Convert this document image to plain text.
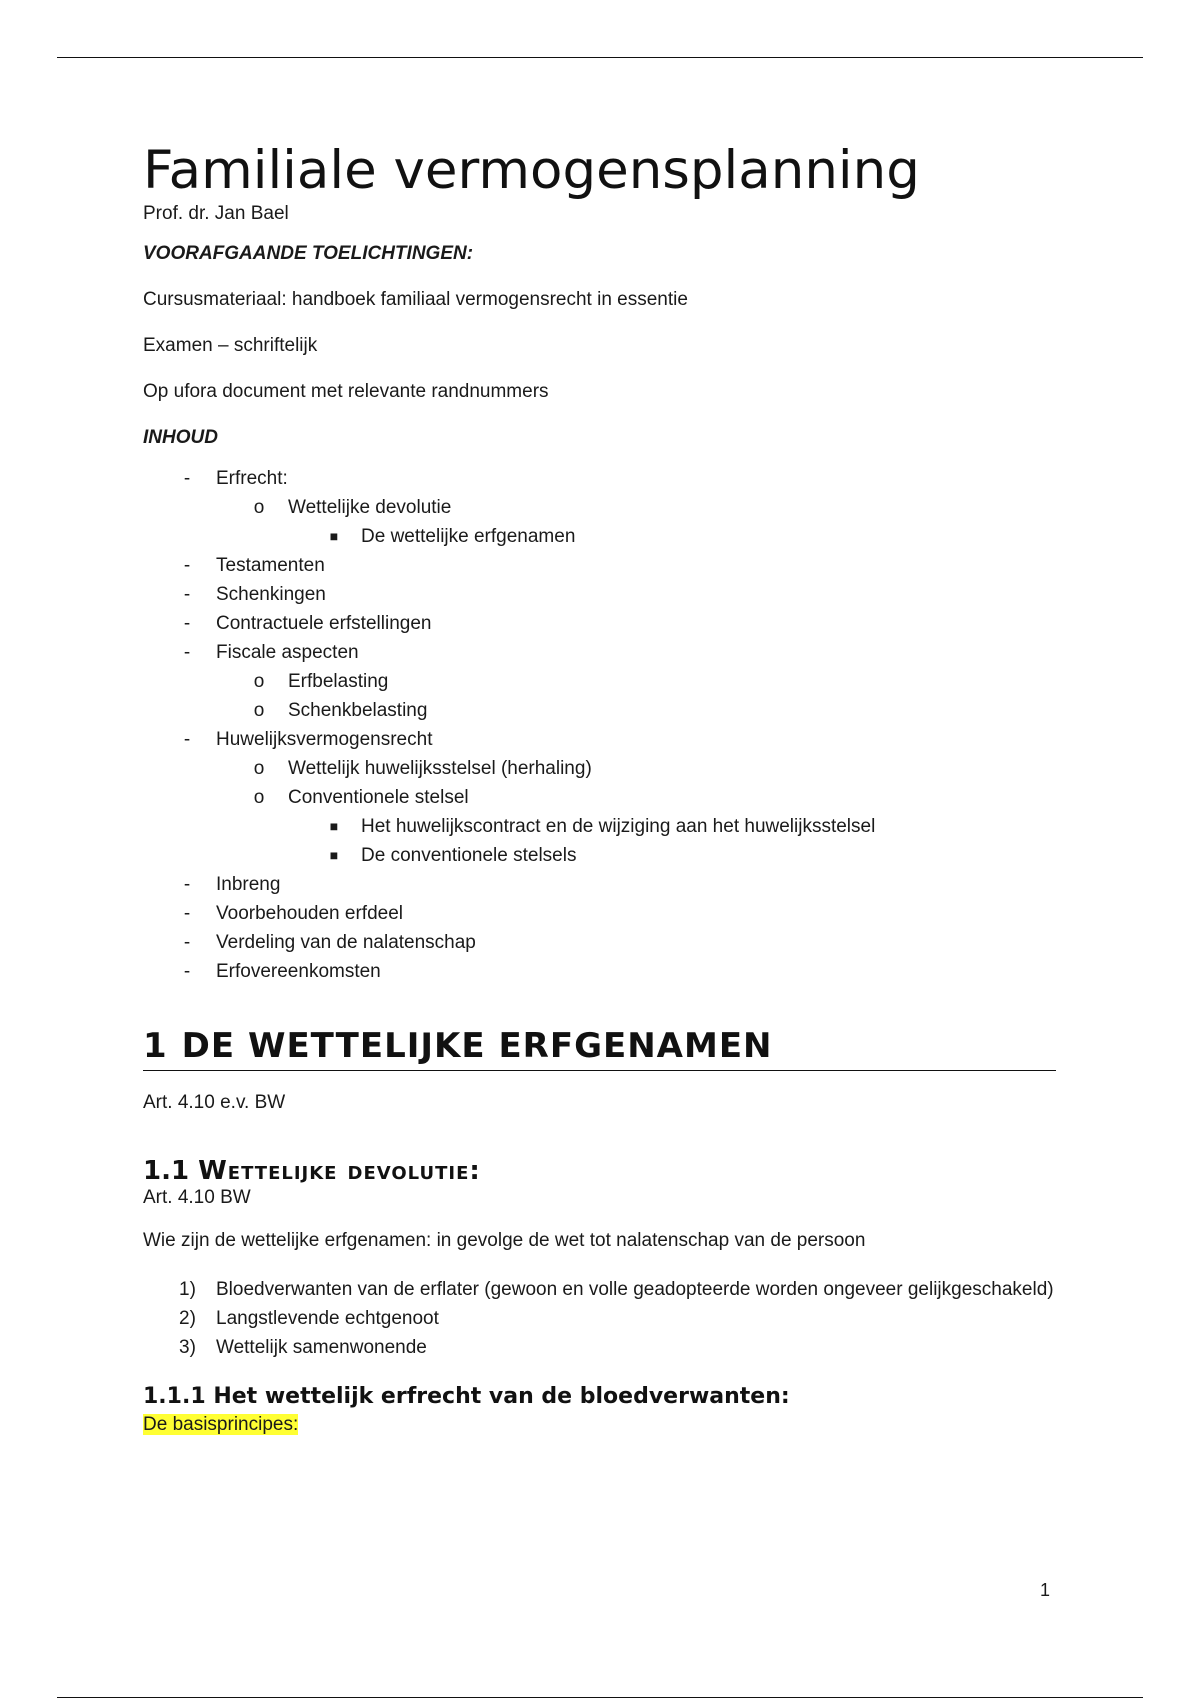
Familiale vermogensplanning

Prof. dr. Jan Bael

VOORAFGAANDE TOELICHTINGEN:

Cursusmateriaal: handboek familiaal vermogensrecht in essentie

Examen – schriftelijk

Op ufora document met relevante randnummers

INHOUD

-	Erfrecht:
o Wettelijke devolutie
■	De wettelijke erfgenamen
-	Testamenten
-	Schenkingen
-	Contractuele erfstellingen
-	Fiscale aspecten
o Erfbelasting
o Schenkbelasting
-	Huwelijksvermogensrecht
o Wettelijk huwelijksstelsel (herhaling)
o Conventionele stelsel
■	Het huwelijkscontract en de wijziging aan het huwelijksstelsel
■	De conventionele stelsels
-	Inbreng
-	Voorbehouden erfdeel
-	Verdeling van de nalatenschap
-	Erfovereenkomsten
1 DE WETTELIJKE ERFGENAMEN

Art. 4.10 e.v. BW

1.1 Wettelijke devolutie:

Art. 4.10 BW

Wie zijn de wettelijke erfgenamen: in gevolge de wet tot nalatenschap van de persoon

1) Bloedverwanten van de erflater (gewoon en volle geadopteerde worden ongeveer gelijkgeschakeld)
2) Langstlevende echtgenoot
3) Wettelijk samenwonende
1.1.1 Het wettelijk erfrecht van de bloedverwanten:
De basisprincipes:
1
